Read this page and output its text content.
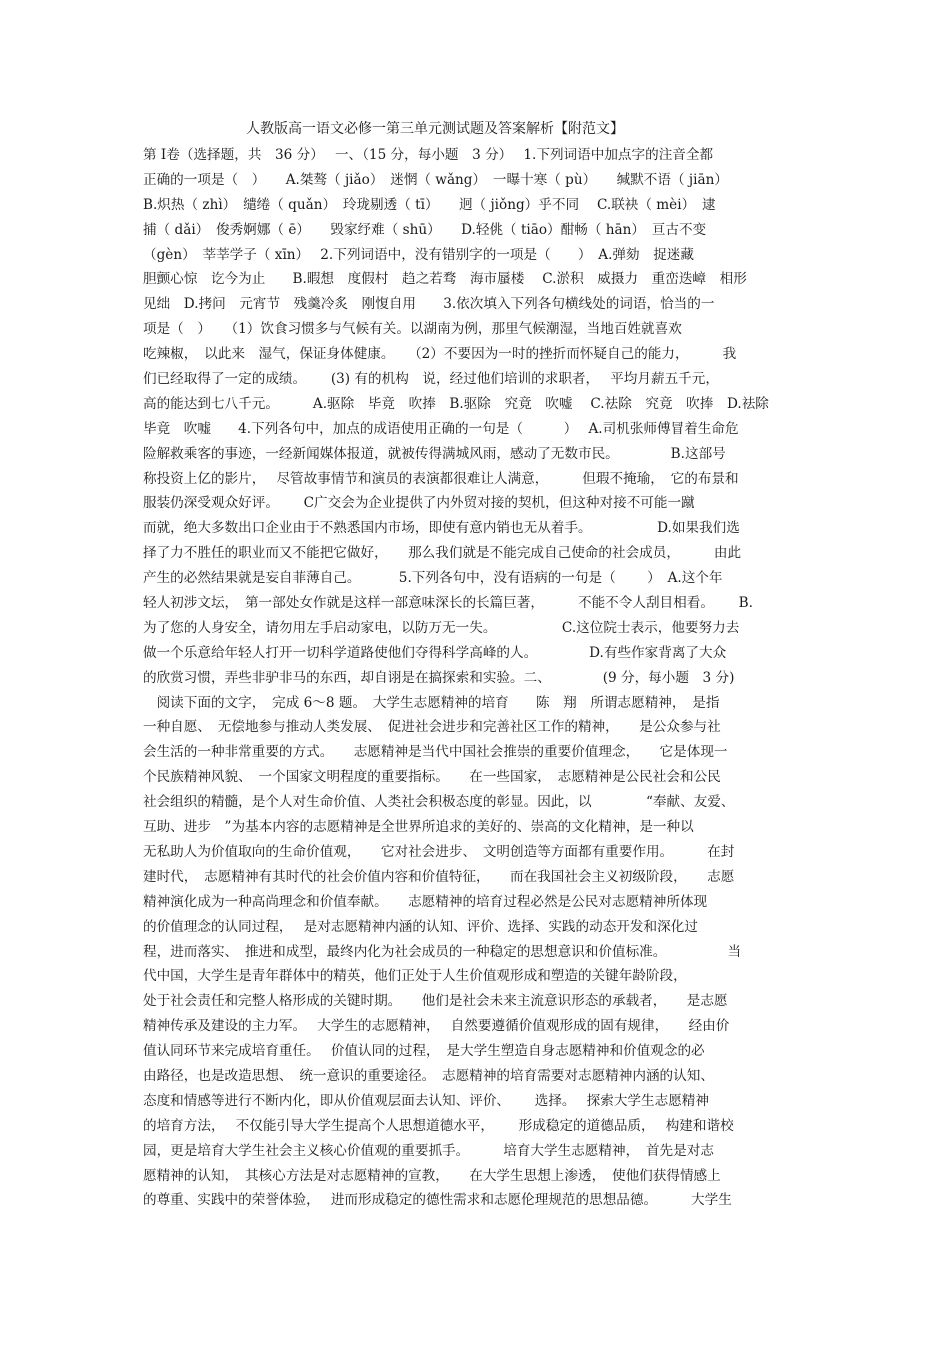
人教版高一语文必修一第三单元测试题及答案解析【附范文】
第 I卷（选择题，共　36 分）　 一、（15 分，每小题　3 分）　 1.下列词语中加点字的注音全都
正确的一项是（　）　　A.桀骜（ jiǎo）　迷惘（ wǎng）　一曝十寒（ pù）　　缄默不语（ jiān）
B.炽热（ zhì）　缱绻（ quǎn）　玲珑剔透（ tī）　　迥（ jiǒng）乎不同　 C.联袂（ mèi）　逮
捕（ dǎi）　俊秀婀娜（ ē）　　毁家纾难（ shū）　　D.轻佻（ tiāo）酣畅（ hān）　亘古不变
（gèn）　莘莘学子（ xīn）　 2.下列词语中，没有错别字的一项是（　　）　A.弹劾　捉迷藏
胆颤心惊　讫今为止　　B.暇想　度假村　趋之若骛　海市蜃楼　 C.淤积　威摄力　重峦迭嶂　相形
见绌　D.拷问　元宵节　残羹冷炙　刚愎自用　　3.依次填入下列各句横线处的词语，恰当的一
项是（　）　　（1）饮食习惯多与气候有关。以湖南为例，那里气候潮湿，当地百姓就喜欢
吃辣椒，　以此来　湿气，保证身体健康。　　（2）不要因为一时的挫折而怀疑自己的能力，　　　我
们已经取得了一定的成绩。　　 (3) 有的机构　说，经过他们培训的求职者，　 平均月薪五千元，
高的能达到七八千元。　　　A.驱除　毕竟　吹捧　B.驱除　究竟　吹嘘　 C.祛除　究竟　吹捧　D.祛除
毕竟　吹嘘　　4.下列各句中，加点的成语使用正确的一句是（　　　）　 A.司机张师傅冒着生命危
险解救乘客的事迹，一经新闻媒体报道，就被传得满城风雨，感动了无数市民。　　　　 B.这部号
称投资上亿的影片，　 尽管故事情节和演员的表演都很难让人满意，　　　但瑕不掩瑜，　它的布景和
服装仍深受观众好评。　　 C广交会为企业提供了内外贸对接的契机，但这种对接不可能一蹴
而就，绝大多数出口企业由于不熟悉国内市场，即使有意内销也无从着手。　　　　　 D.如果我们选
择了力不胜任的职业而又不能把它做好，　　那么我们就是不能完成自己使命的社会成员，　　　由此
产生的必然结果就是妄自菲薄自己。　　　 5.下列各句中，没有语病的一句是（　　 ）　A.这个年
轻人初涉文坛，　第一部处女作就是这样一部意味深长的长篇巨著，　　　不能不令人刮目相看。　　 B.
为了您的人身安全，请勿用左手启动家电，以防万无一失。　　　　　 C.这位院士表示，他要努力去
做一个乐意给年轻人打开一切科学道路使他们夺得科学高峰的人。　　　　 D.有些作家背离了大众
的欣赏习惯，弄些非驴非马的东西，却自诩是在搞探索和实验。二、　　　　 (9 分，每小题　3 分)
　阅读下面的文字，　完成 6～8 题。　大学生志愿精神的培育　　陈　翔　所谓志愿精神，　是指
一种自愿、　无偿地参与推动人类发展、　促进社会进步和完善社区工作的精神，　　是公众参与社
会生活的一种非常重要的方式。　　志愿精神是当代中国社会推崇的重要价值理念，　　它是体现一
个民族精神风貌、　一个国家文明程度的重要指标。　　在一些国家，　志愿精神是公民社会和公民
社会组织的精髓，是个人对生命价值、人类社会积极态度的彰显。因此，以　　　　“奉献、友爱、
互助、进步　”为基本内容的志愿精神是全世界所追求的美好的、崇高的文化精神，是一种以
无私助人为价值取向的生命价值观，　　它对社会进步、　文明创造等方面都有重要作用。　　　在封
建时代，　志愿精神有其时代的社会价值内容和价值特征，　　而在我国社会主义初级阶段，　　志愿
精神演化成为一种高尚理念和价值奉献。　　志愿精神的培育过程必然是公民对志愿精神所体现
的价值理念的认同过程，　 是对志愿精神内涵的认知、评价、选择、实践的动态开发和深化过
程，进而落实、　推进和成型，最终内化为社会成员的一种稳定的思想意识和价值标准。　　　　　当
代中国，大学生是青年群体中的精英，他们正处于人生价值观形成和塑造的关键年龄阶段，
处于社会责任和完整人格形成的关键时期。　　他们是社会未来主流意识形态的承载者，　　是志愿
精神传承及建设的主力军。　 大学生的志愿精神，　 自然要遵循价值观形成的固有规律，　　经由价
值认同环节来完成培育重任。　 价值认同的过程，　是大学生塑造自身志愿精神和价值观念的必
由路径，也是改造思想、　统一意识的重要途径。　志愿精神的培育需要对志愿精神内涵的认知、
态度和情感等进行不断内化，即从价值观层面去认知、评价、　　 选择。　 探索大学生志愿精神
的培育方法，　 不仅能引导大学生提高个人思想道德水平，　　 形成稳定的道德品质，　 构建和谐校
园，更是培育大学生社会主义核心价值观的重要抓手。　　　培育大学生志愿精神，　首先是对志
愿精神的认知，　其核心方法是对志愿精神的宣教，　　在大学生思想上渗透，　使他们获得情感上
的尊重、实践中的荣誉体验，　 进而形成稳定的德性需求和志愿伦理规范的思想品德。　　　大学生
